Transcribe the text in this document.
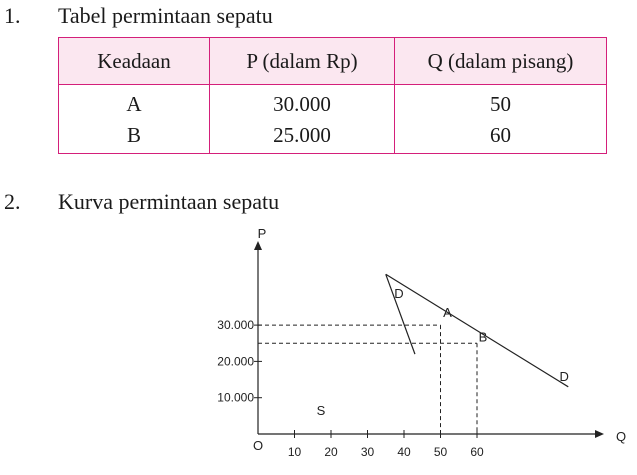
1. Tabel permintaan sepatu
Keadaan	P (dalam Rp)	Q (dalam pisang)
A	30.000	50
B	25.000	60
2. Kurva permintaan sepatu
P
Q
O 10 20 30 40 50 60
30.000
20.000
10.000
D
A
B
D
S
